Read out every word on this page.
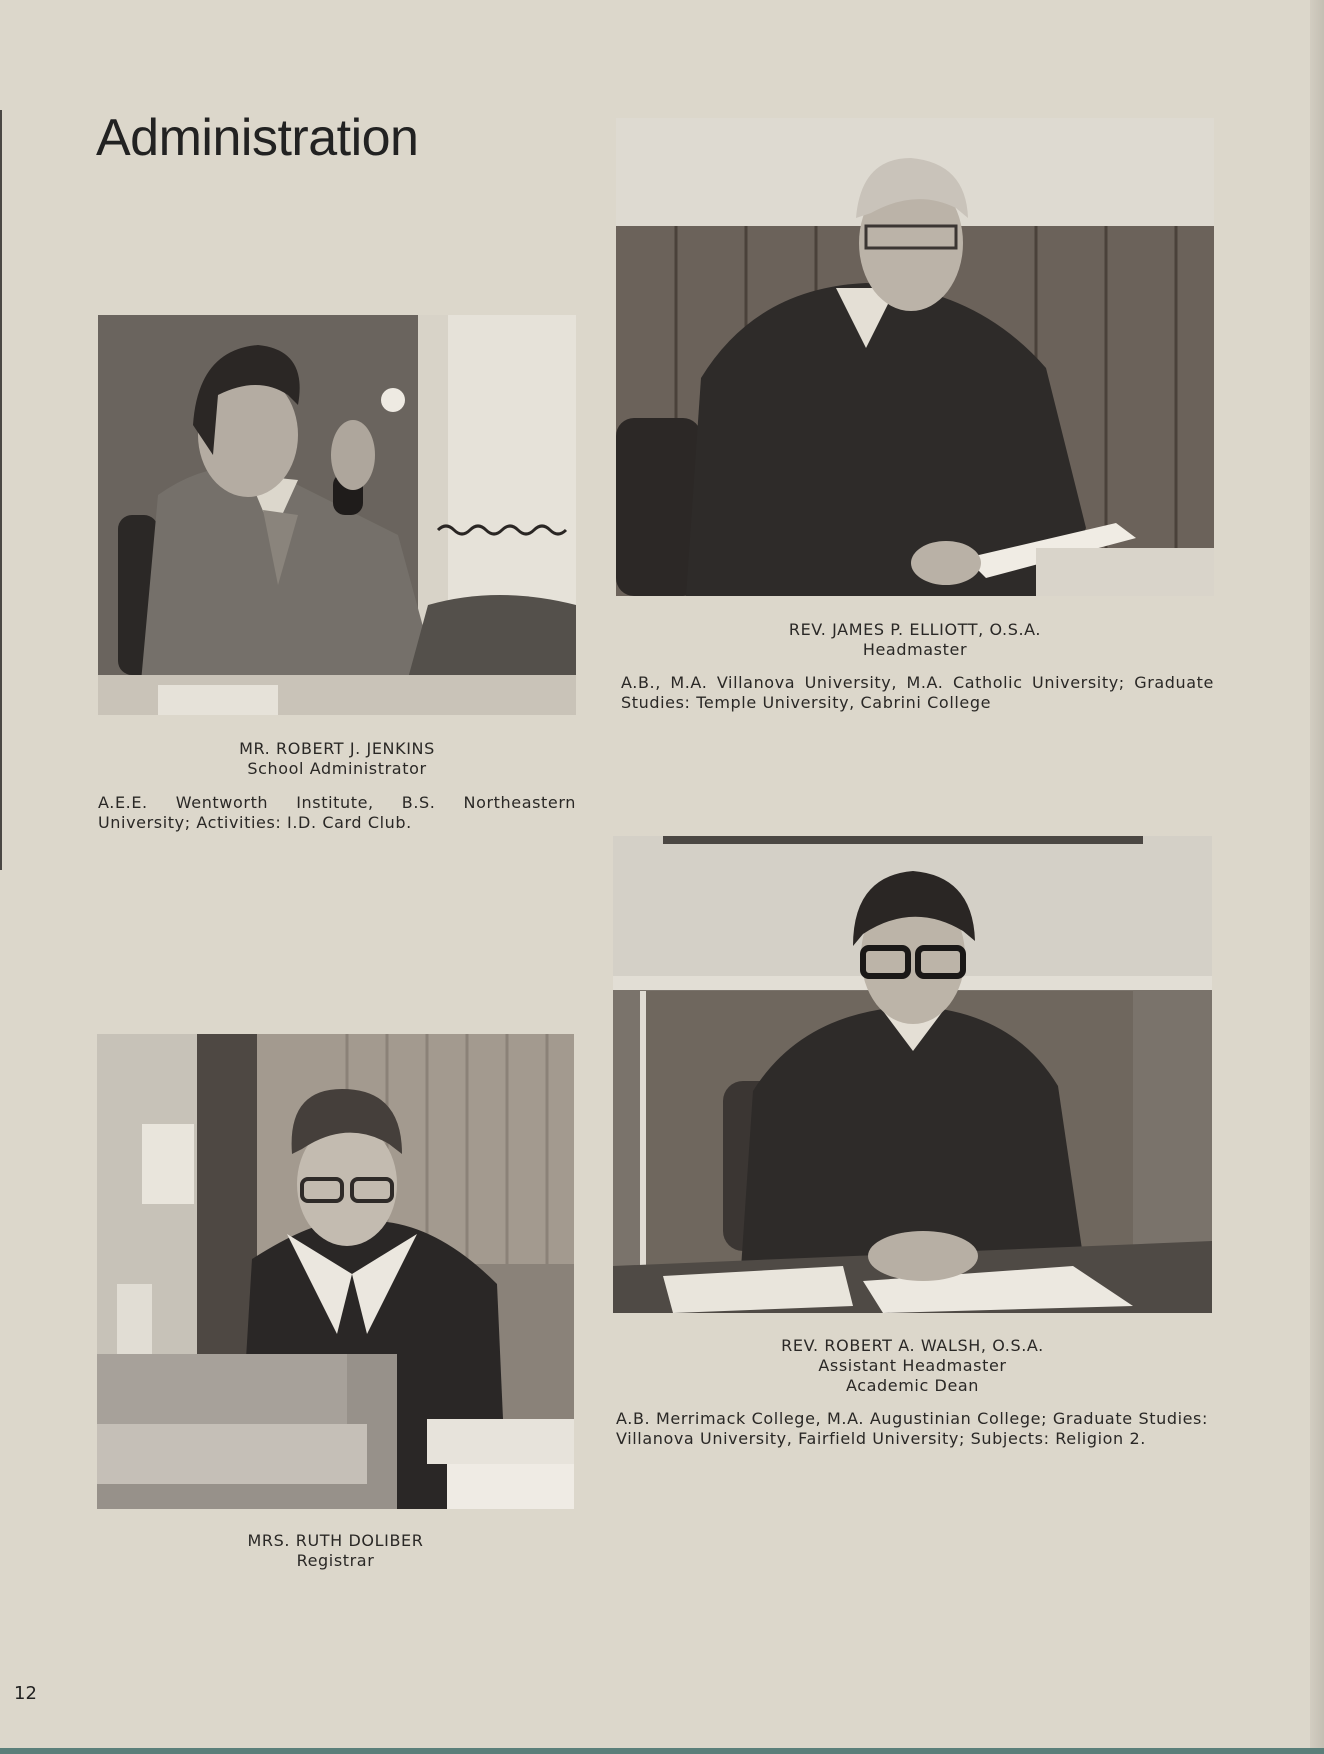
Administration
MR. ROBERT J. JENKINS
School Administrator
A.E.E. Wentworth Institute, B.S. Northeastern University; Activities: I.D. Card Club.
REV. JAMES P. ELLIOTT, O.S.A.
Headmaster
A.B., M.A. Villanova University, M.A. Catholic University; Graduate Studies: Temple University, Cabrini College
REV. ROBERT A. WALSH, O.S.A.
Assistant Headmaster
Academic Dean
A.B. Merrimack College, M.A. Augustinian College; Graduate Studies: Villanova University, Fairfield University; Subjects: Religion 2.
MRS. RUTH DOLIBER
Registrar
12
